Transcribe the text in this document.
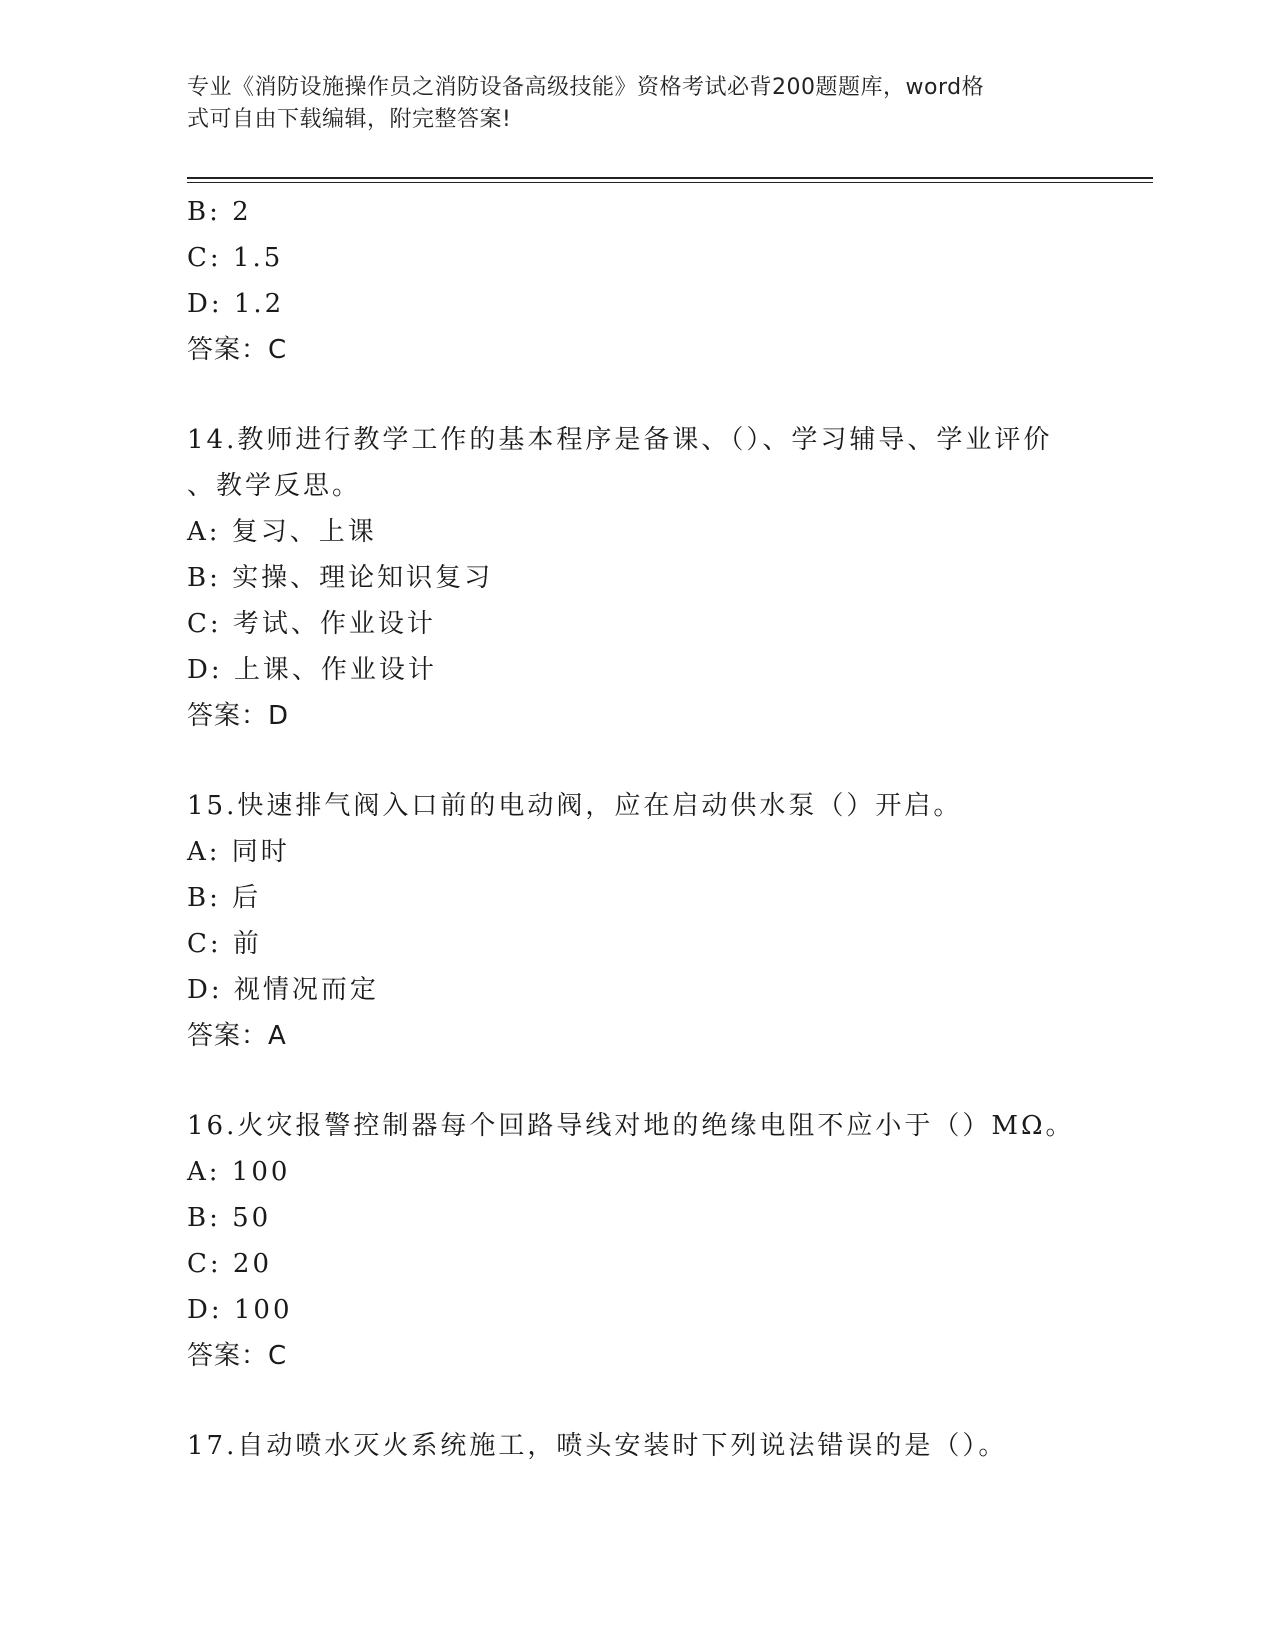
专业《消防设施操作员之消防设备高级技能》资格考试必背200题题库，word格
式可自由下载编辑，附完整答案!
B: 2
C: 1.5
D: 1.2
答案：C
14.教师进行教学工作的基本程序是备课、（）、学习辅导、学业评价
、教学反思。
A: 复习、上课
B: 实操、理论知识复习
C: 考试、作业设计
D: 上课、作业设计
答案：D
15.快速排气阀入口前的电动阀，应在启动供水泵（）开启。
A: 同时
B: 后
C: 前
D: 视情况而定
答案：A
16.火灾报警控制器每个回路导线对地的绝缘电阻不应小于（）MΩ。
A: 100
B: 50
C: 20
D: 100
答案：C
17.自动喷水灭火系统施工，喷头安装时下列说法错误的是（）。
